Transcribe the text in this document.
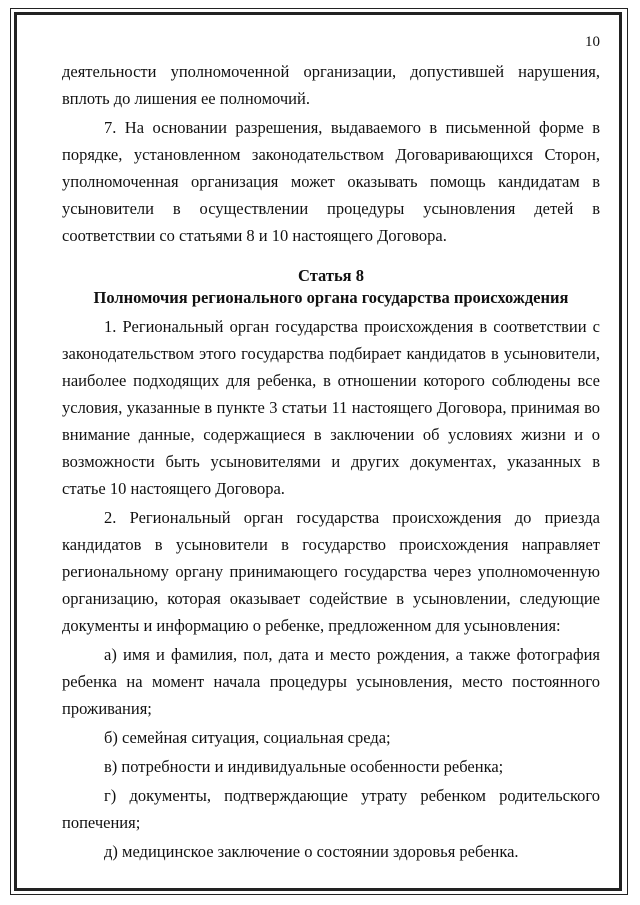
10

деятельности уполномоченной организации, допустившей нарушения, вплоть до лишения ее полномочий.

7. На основании разрешения, выдаваемого в письменной форме в порядке, установленном законодательством Договаривающихся Сторон, уполномоченная организация может оказывать помощь кандидатам в усыновители в осуществлении процедуры усыновления детей в соответствии со статьями 8 и 10 настоящего Договора.

Статья 8
Полномочия регионального органа государства происхождения

1. Региональный орган государства происхождения в соответствии с законодательством этого государства подбирает кандидатов в усыновители, наиболее подходящих для ребенка, в отношении которого соблюдены все условия, указанные в пункте 3 статьи 11 настоящего Договора, принимая во внимание данные, содержащиеся в заключении об условиях жизни и о возможности быть усыновителями и других документах, указанных в статье 10 настоящего Договора.

2. Региональный орган государства происхождения до приезда кандидатов в усыновители в государство происхождения направляет региональному органу принимающего государства через уполномоченную организацию, которая оказывает содействие в усыновлении, следующие документы и информацию о ребенке, предложенном для усыновления:

а) имя и фамилия, пол, дата и место рождения, а также фотография ребенка на момент начала процедуры усыновления, место постоянного проживания;

б) семейная ситуация, социальная среда;

в) потребности и индивидуальные особенности ребенка;

г) документы, подтверждающие утрату ребенком родительского попечения;

д) медицинское заключение о состоянии здоровья ребенка.
